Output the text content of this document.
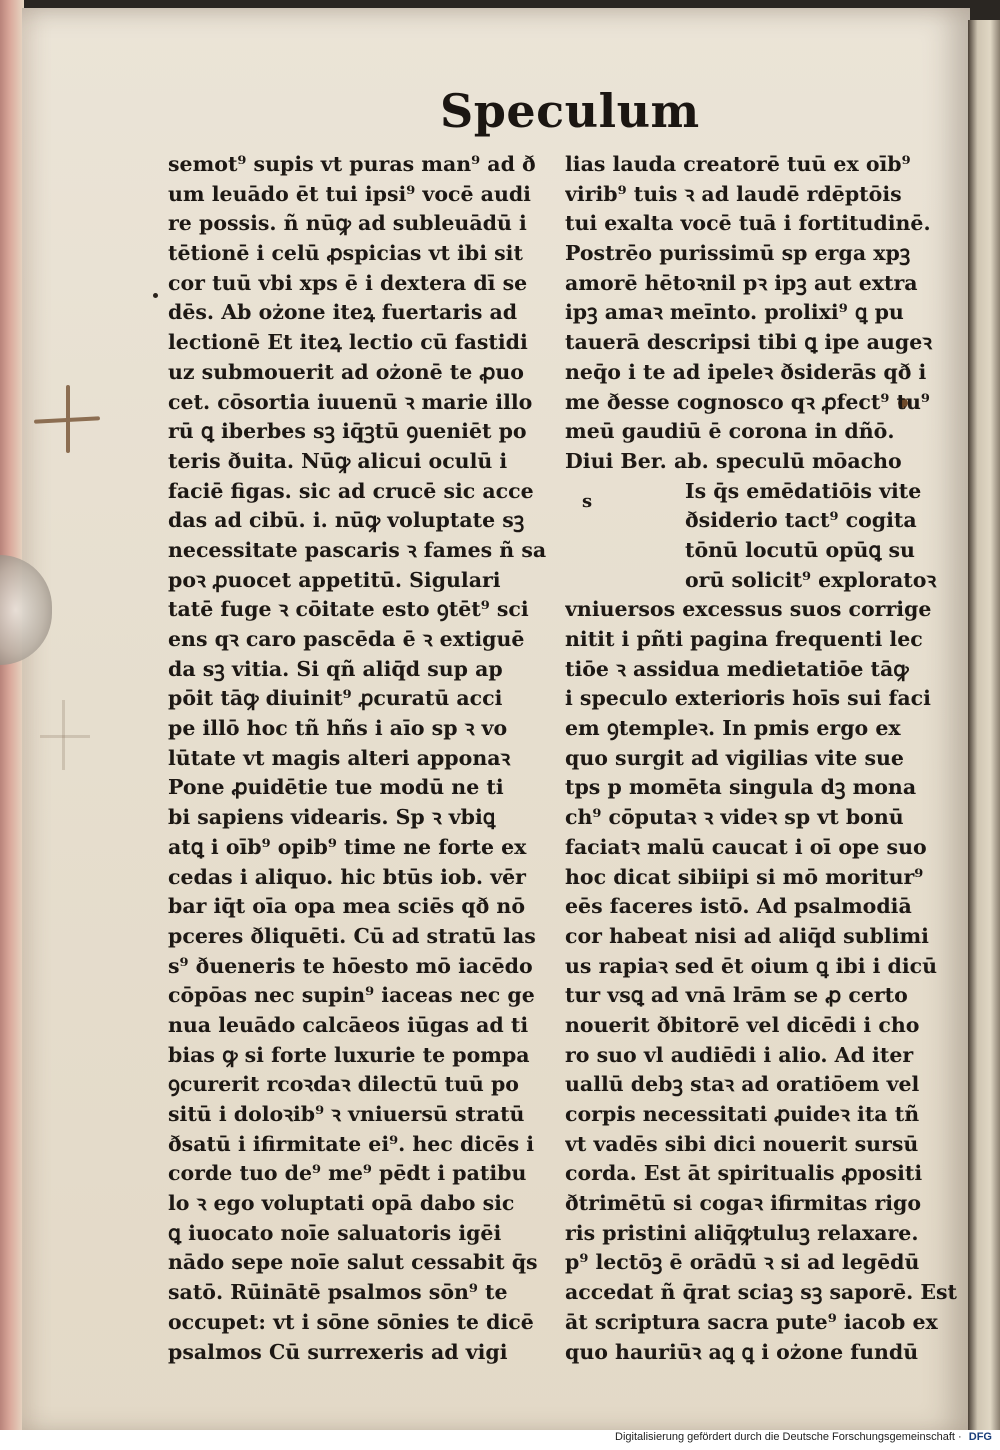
Speculum
semot⁹ supis vt puras man⁹ ad ð
um leuādo ēt tui ipsi⁹ vocē audi
re possis. ñ nūꝙ ad subleuādū i
tētionē i celū ꝓspicias vt ibi sit
cor tuū vbi xps ē i dextera dī se
dēs. Ab ożone iteꝝ fuertaris ad
lectionē Et iteꝝ lectio cū fastidi
uz submouerit ad ożonē te ꝓuo
cet. cōsortia iuuenū ꝛ marie illo
rū ꝗ iberbes sꝫ iq̄ꝫtū ꝯueniēt po
teris ðuita. Nūꝙ alicui oculū i
faciē figas. sic ad crucē sic acce
das ad cibū. i. nūꝙ voluptate sꝫ
necessitate pascaris ꝛ fames ñ sa
poꝛ ꝓuocet appetitū. Sigulari
tatē fuge ꝛ cōitate esto ꝯtēt⁹ sci
ens qꝛ caro pascēda ē ꝛ extiguē
da sꝫ vitia. Si qñ aliq̄d sup ap
pōit tāꝙ diuinit⁹ ꝓcuratū acci
pe illō hoc tñ hñs i aīo sp ꝛ vo
lūtate vt magis alteri apponaꝛ
Pone ꝓuidētie tue modū ne ti
bi sapiens videaris. Sp ꝛ vbiꝗ
atꝗ i oīb⁹ opib⁹ time ne forte ex
cedas i aliquo. hic btūs iob. vēr
bar iq̄t oīa opa mea sciēs qð nō
pceres ðliquēti. Cū ad stratū las
s⁹ ðueneris te hōesto mō iacēdo
cōpōas nec supin⁹ iaceas nec ge
nua leuādo calcāeos iūgas ad ti
bias ꝙ si forte luxurie te pompa
ꝯcurerit rcoꝛdaꝛ dilectū tuū po
sitū i doloꝛib⁹ ꝛ vniuersū stratū
ðsatū i ifirmitate ei⁹. hec dicēs i
corde tuo de⁹ me⁹ pēdt i patibu
lo ꝛ ego voluptati opā dabo sic
ꝗ iuocato noīe saluatoris igēi
nādo sepe noīe salut cessabit q̄s
satō. Rūinātē psalmos sōn⁹ te
occupet: vt i sōne sōnies te dicē
psalmos Cū surrexeris ad vigi
lias lauda creatorē tuū ex oīb⁹
virib⁹ tuis ꝛ ad laudē rdēptōis
tui exalta vocē tuā i fortitudinē.
Postrēo purissimū sp erga xpꝫ
amorē hētoꝛnil pꝛ ipꝫ aut extra
ipꝫ amaꝛ meīnto. prolixi⁹ ꝗ pu
tauerā descripsi tibi ꝗ ipe augeꝛ
neq̄o i te ad ipeleꝛ ðsiderās qð i
me ðesse cognosco qꝛ ꝓfect⁹ tu⁹
meū gaudiū ē corona in dñō.
Diui Ber. ab. speculū mōacho
Is q̄s emēdatiōis vite
ðsiderio tact⁹ cogita
tōnū locutū opūꝗ su
orū solicit⁹ exploratoꝛ
vniuersos excessus suos corrige
nitit i pñti pagina frequenti lec
tiōe ꝛ assidua medietatiōe tāꝙ
i speculo exterioris hoīs sui faci
em ꝯtempleꝛ. In pmis ergo ex
quo surgit ad vigilias vite sue
tps p momēta singula dꝫ mona
ch⁹ cōputaꝛ ꝛ videꝛ sp vt bonū
faciatꝛ malū caucat i oī ope suo
hoc dicat sibiipi si mō moritur⁹
eēs faceres istō. Ad psalmodiā
cor habeat nisi ad aliq̄d sublimi
us rapiaꝛ sed ēt oium ꝗ ibi i dicū
tur vsꝗ ad vnā lrām se ꝓ certo
nouerit ðbitorē vel dicēdi i cho
ro suo vl audiēdi i alio. Ad iter
uallū debꝫ staꝛ ad oratiōem vel
corpis necessitati ꝓuideꝛ ita tñ
vt vadēs sibi dici nouerit sursū
corda. Est āt spiritualis ꝓpositi
ðtrimētū si cogaꝛ ifirmitas rigo
ris pristini aliq̄ꝙtuluꝫ relaxare.
p⁹ lectōꝫ ē orādū ꝛ si ad legēdū
accedat ñ q̄rat sciaꝫ sꝫ saporē. Est
āt scriptura sacra pute⁹ iacob ex
quo hauriūꝛ aꝗ ꝗ i ożone fundū
s
Digitalisierung gefördert durch die Deutsche Forschungsgemeinschaft · DFG
